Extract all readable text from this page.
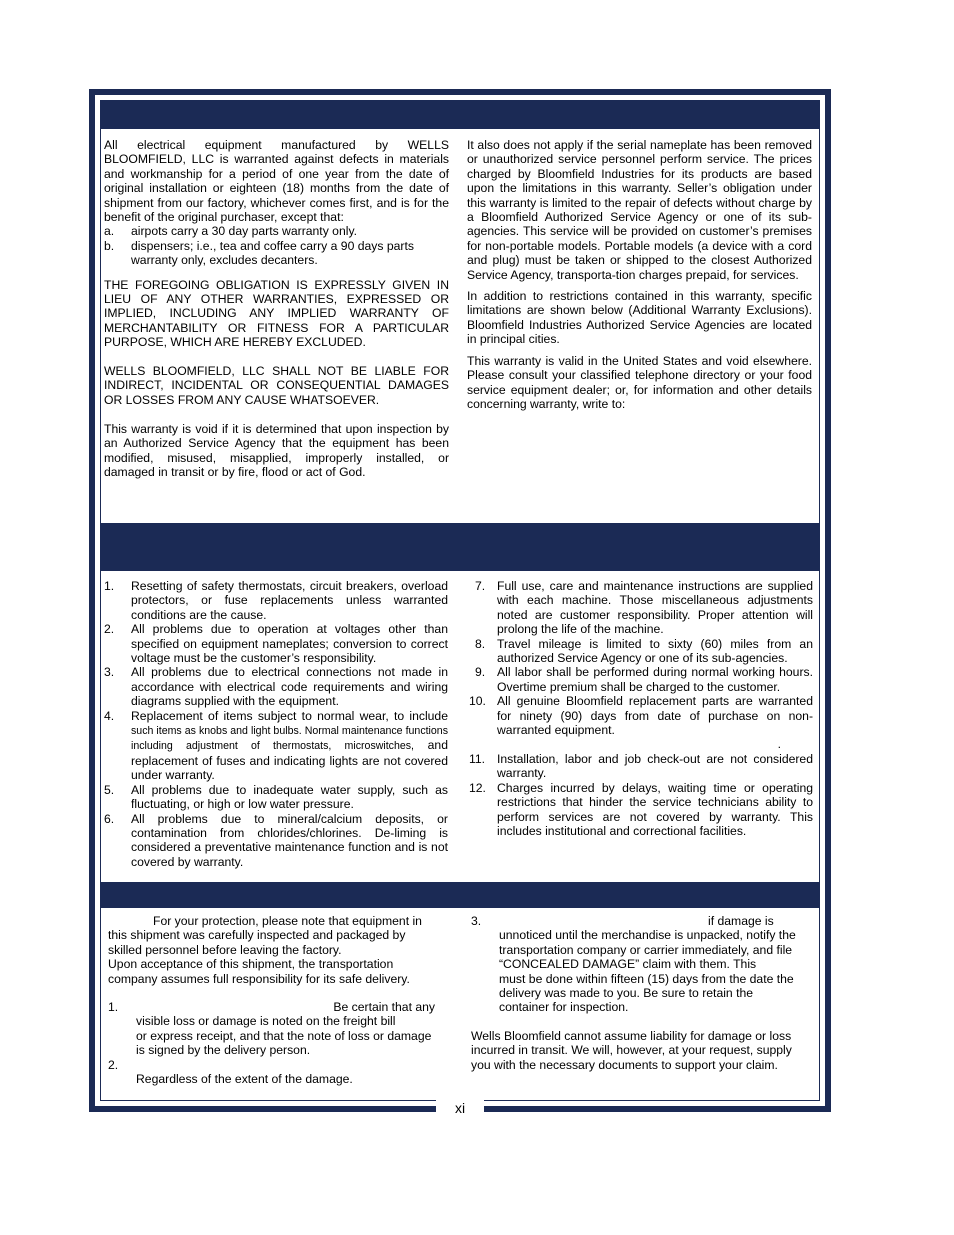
All electrical equipment manufactured by WELLS BLOOMFIELD, LLC is warranted against defects in materials and workmanship for a period of one year from the date of original installation or eighteen (18) months from the date of shipment from our factory, whichever comes first, and is for the benefit of the original purchaser, except that:

a. airpots carry a 30 day parts warranty only.
b. dispensers; i.e., tea and coffee carry a 90 days parts warranty only, excludes decanters.

THE FOREGOING OBLIGATION IS EXPRESSLY GIVEN IN LIEU OF ANY OTHER WARRANTIES, EXPRESSED OR IMPLIED, INCLUDING ANY IMPLIED WARRANTY OF MERCHANTABILITY OR FITNESS FOR A PARTICULAR PURPOSE, WHICH ARE HEREBY EXCLUDED.

WELLS BLOOMFIELD, LLC SHALL NOT BE LIABLE FOR INDIRECT, INCIDENTAL OR CONSEQUENTIAL DAMAGES OR LOSSES FROM ANY CAUSE WHATSOEVER.

This warranty is void if it is determined that upon inspection by an Authorized Service Agency that the equipment has been modified, misused, misapplied, improperly installed, or damaged in transit or by fire, flood or act of God.

It also does not apply if the serial nameplate has been removed or unauthorized service personnel perform service. The prices charged by Bloomfield Industries for its products are based upon the limitations in this warranty. Seller’s obligation under this warranty is limited to the repair of defects without charge by a Bloomfield Authorized Service Agency or one of its sub-agencies. This service will be provided on customer’s premises for non-portable models. Portable models (a device with a cord and plug) must be taken or shipped to the closest Authorized Service Agency, transporta-tion charges prepaid, for services.

In addition to restrictions contained in this warranty, specific limitations are shown below (Additional Warranty Exclusions). Bloomfield Industries Authorized Service Agencies are located in principal cities.

This warranty is valid in the United States and void elsewhere. Please consult your classified telephone directory or your food service equipment dealer; or, for information and other details concerning warranty, write to:

1. Resetting of safety thermostats, circuit breakers, overload protectors, or fuse replacements unless warranted conditions are the cause.
2. All problems due to operation at voltages other than specified on equipment nameplates; conversion to correct voltage must be the customer’s responsibility.
3. All problems due to electrical connections not made in accordance with electrical code requirements and wiring diagrams supplied with the equipment.
4. Replacement of items subject to normal wear, to include such items as knobs and light bulbs. Normal maintenance functions including adjustment of thermostats, microswitches, and replacement of fuses and indicating lights are not covered under warranty.
5. All problems due to inadequate water supply, such as fluctuating, or high or low water pressure.
6. All problems due to mineral/calcium deposits, or contamination from chlorides/chlorines. De-liming is considered a preventative maintenance function and is not covered by warranty.
7. Full use, care and maintenance instructions are supplied with each machine. Those miscellaneous adjustments noted are customer responsibility. Proper attention will prolong the life of the machine.
8. Travel mileage is limited to sixty (60) miles from an authorized Service Agency or one of its sub-agencies.
9. All labor shall be performed during normal working hours. Overtime premium shall be charged to the customer.
10. All genuine Bloomfield replacement parts are warranted for ninety (90) days from date of purchase on non-warranted equipment.
.
11. Installation, labor and job check-out are not considered warranty.
12. Charges incurred by delays, waiting time or operating restrictions that hinder the service technicians ability to perform services are not covered by warranty. This includes institutional and correctional facilities.

For your protection, please note that equipment in

this shipment was carefully inspected and packaged by

skilled personnel before leaving the factory.

Upon acceptance of this shipment, the transportation

company assumes full responsibility for its safe delivery.

1.	Be certain that any

visible loss or damage is noted on the freight bill

or express receipt, and that the note of loss or damage

is signed by the delivery person.

2.

Regardless of the extent of the damage.

3.	if damage is

unnoticed until the merchandise is unpacked, notify the

transportation company or carrier immediately, and file

“CONCEALED DAMAGE” claim with them. This

must be done within fifteen (15) days from the date the

delivery was made to you. Be sure to retain the

container for inspection.

Wells Bloomfield cannot assume liability for damage or loss

incurred in transit. We will, however, at your request, supply

you with the necessary documents to support your claim.

xi
